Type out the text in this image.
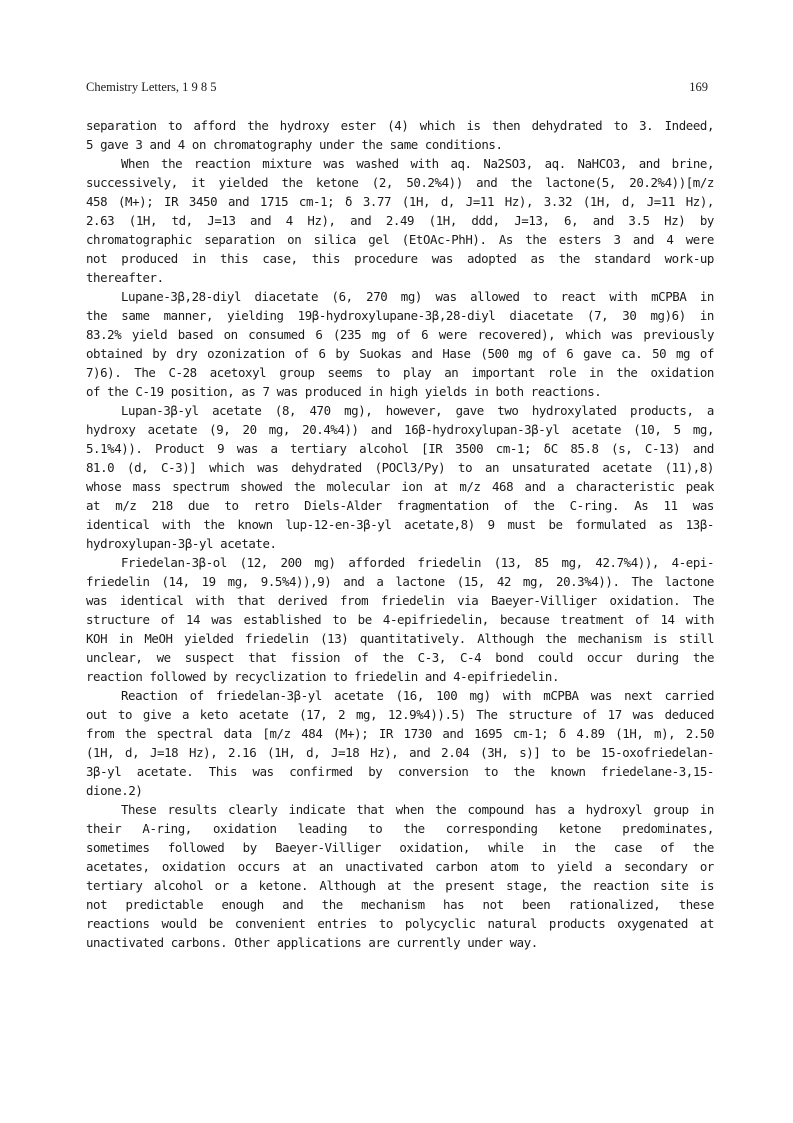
Chemistry Letters, 1 9 8 5	169
separation to afford the hydroxy ester (4) which is then dehydrated to 3. Indeed,
5 gave 3 and 4 on chromatography under the same conditions.
When the reaction mixture was washed with aq. Na2SO3, aq. NaHCO3, and brine,
successively, it yielded the ketone (2, 50.2%4)) and the lactone(5, 20.2%4))[m/z
458 (M+); IR 3450 and 1715 cm-1; δ 3.77 (1H, d, J=11 Hz), 3.32 (1H, d, J=11 Hz),
2.63 (1H, td, J=13 and 4 Hz), and 2.49 (1H, ddd, J=13, 6, and 3.5 Hz) by
chromatographic separation on silica gel (EtOAc-PhH). As the esters 3 and 4 were
not produced in this case, this procedure was adopted as the standard work-up
thereafter.
Lupane-3β,28-diyl diacetate (6, 270 mg) was allowed to react with mCPBA in
the same manner, yielding 19β-hydroxylupane-3β,28-diyl diacetate (7, 30 mg)6) in
83.2% yield based on consumed 6 (235 mg of 6 were recovered), which was previously
obtained by dry ozonization of 6 by Suokas and Hase (500 mg of 6 gave ca. 50 mg of
7)6). The C-28 acetoxyl group seems to play an important role in the oxidation
of the C-19 position, as 7 was produced in high yields in both reactions.
Lupan-3β-yl acetate (8, 470 mg), however, gave two hydroxylated products, a
hydroxy acetate (9, 20 mg, 20.4%4)) and 16β-hydroxylupan-3β-yl acetate (10, 5 mg,
5.1%4)). Product 9 was a tertiary alcohol [IR 3500 cm-1; δC 85.8 (s, C-13) and
81.0 (d, C-3)] which was dehydrated (POCl3/Py) to an unsaturated acetate (11),8)
whose mass spectrum showed the molecular ion at m/z 468 and a characteristic peak
at m/z 218 due to retro Diels-Alder fragmentation of the C-ring. As 11 was
identical with the known lup-12-en-3β-yl acetate,8) 9 must be formulated as 13β-
hydroxylupan-3β-yl acetate.
Friedelan-3β-ol (12, 200 mg) afforded friedelin (13, 85 mg, 42.7%4)), 4-epi-
friedelin (14, 19 mg, 9.5%4)),9) and a lactone (15, 42 mg, 20.3%4)). The lactone
was identical with that derived from friedelin via Baeyer-Villiger oxidation. The
structure of 14 was established to be 4-epifriedelin, because treatment of 14 with
KOH in MeOH yielded friedelin (13) quantitatively. Although the mechanism is still
unclear, we suspect that fission of the C-3, C-4 bond could occur during the
reaction followed by recyclization to friedelin and 4-epifriedelin.
Reaction of friedelan-3β-yl acetate (16, 100 mg) with mCPBA was next carried
out to give a keto acetate (17, 2 mg, 12.9%4)).5) The structure of 17 was deduced
from the spectral data [m/z 484 (M+); IR 1730 and 1695 cm-1; δ 4.89 (1H, m), 2.50
(1H, d, J=18 Hz), 2.16 (1H, d, J=18 Hz), and 2.04 (3H, s)] to be 15-oxofriedelan-
3β-yl acetate. This was confirmed by conversion to the known friedelane-3,15-
dione.2)
These results clearly indicate that when the compound has a hydroxyl group in
their A-ring, oxidation leading to the corresponding ketone predominates,
sometimes followed by Baeyer-Villiger oxidation, while in the case of the
acetates, oxidation occurs at an unactivated carbon atom to yield a secondary or
tertiary alcohol or a ketone. Although at the present stage, the reaction site is
not predictable enough and the mechanism has not been rationalized, these
reactions would be convenient entries to polycyclic natural products oxygenated at
unactivated carbons. Other applications are currently under way.
